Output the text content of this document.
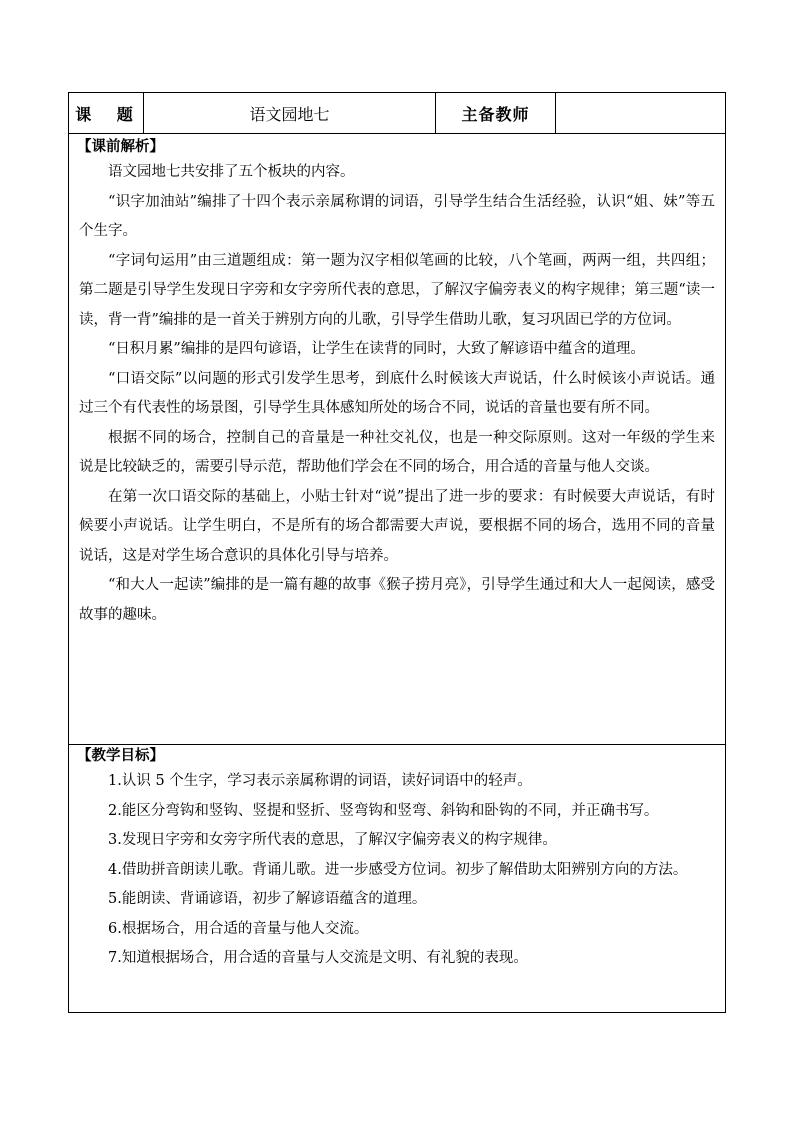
课 题	语文园地七	主备教师
【课前解析】

语文园地七共安排了五个板块的内容。

“识字加油站”编排了十四个表示亲属称谓的词语，引导学生结合生活经验，认识“姐、妹”等五个生字。

“字词句运用”由三道题组成：第一题为汉字相似笔画的比较，八个笔画，两两一组，共四组；第二题是引导学生发现日字旁和女字旁所代表的意思，了解汉字偏旁表义的构字规律；第三题“读一读，背一背”编排的是一首关于辨别方向的儿歌，引导学生借助儿歌，复习巩固已学的方位词。

“日积月累”编排的是四句谚语，让学生在读背的同时，大致了解谚语中蕴含的道理。

“口语交际”以问题的形式引发学生思考，到底什么时候该大声说话，什么时候该小声说话。通过三个有代表性的场景图，引导学生具体感知所处的场合不同，说话的音量也要有所不同。

根据不同的场合，控制自己的音量是一种社交礼仪，也是一种交际原则。这对一年级的学生来说是比较缺乏的，需要引导示范，帮助他们学会在不同的场合，用合适的音量与他人交谈。

在第一次口语交际的基础上，小贴士针对“说”提出了进一步的要求：有时候要大声说话，有时候要小声说话。让学生明白，不是所有的场合都需要大声说，要根据不同的场合，选用不同的音量说话，这是对学生场合意识的具体化引导与培养。

“和大人一起读”编排的是一篇有趣的故事《猴子捞月亮》，引导学生通过和大人一起阅读，感受故事的趣味。

【教学目标】

1.认识 5 个生字，学习表示亲属称谓的词语，读好词语中的轻声。

2.能区分弯钩和竖钩、竖提和竖折、竖弯钩和竖弯、斜钩和卧钩的不同，并正确书写。

3.发现日字旁和女旁字所代表的意思，了解汉字偏旁表义的构字规律。

4.借助拼音朗读儿歌。背诵儿歌。进一步感受方位词。初步了解借助太阳辨别方向的方法。

5.能朗读、背诵谚语，初步了解谚语蕴含的道理。

6.根据场合，用合适的音量与他人交流。

7.知道根据场合，用合适的音量与人交流是文明、有礼貌的表现。
